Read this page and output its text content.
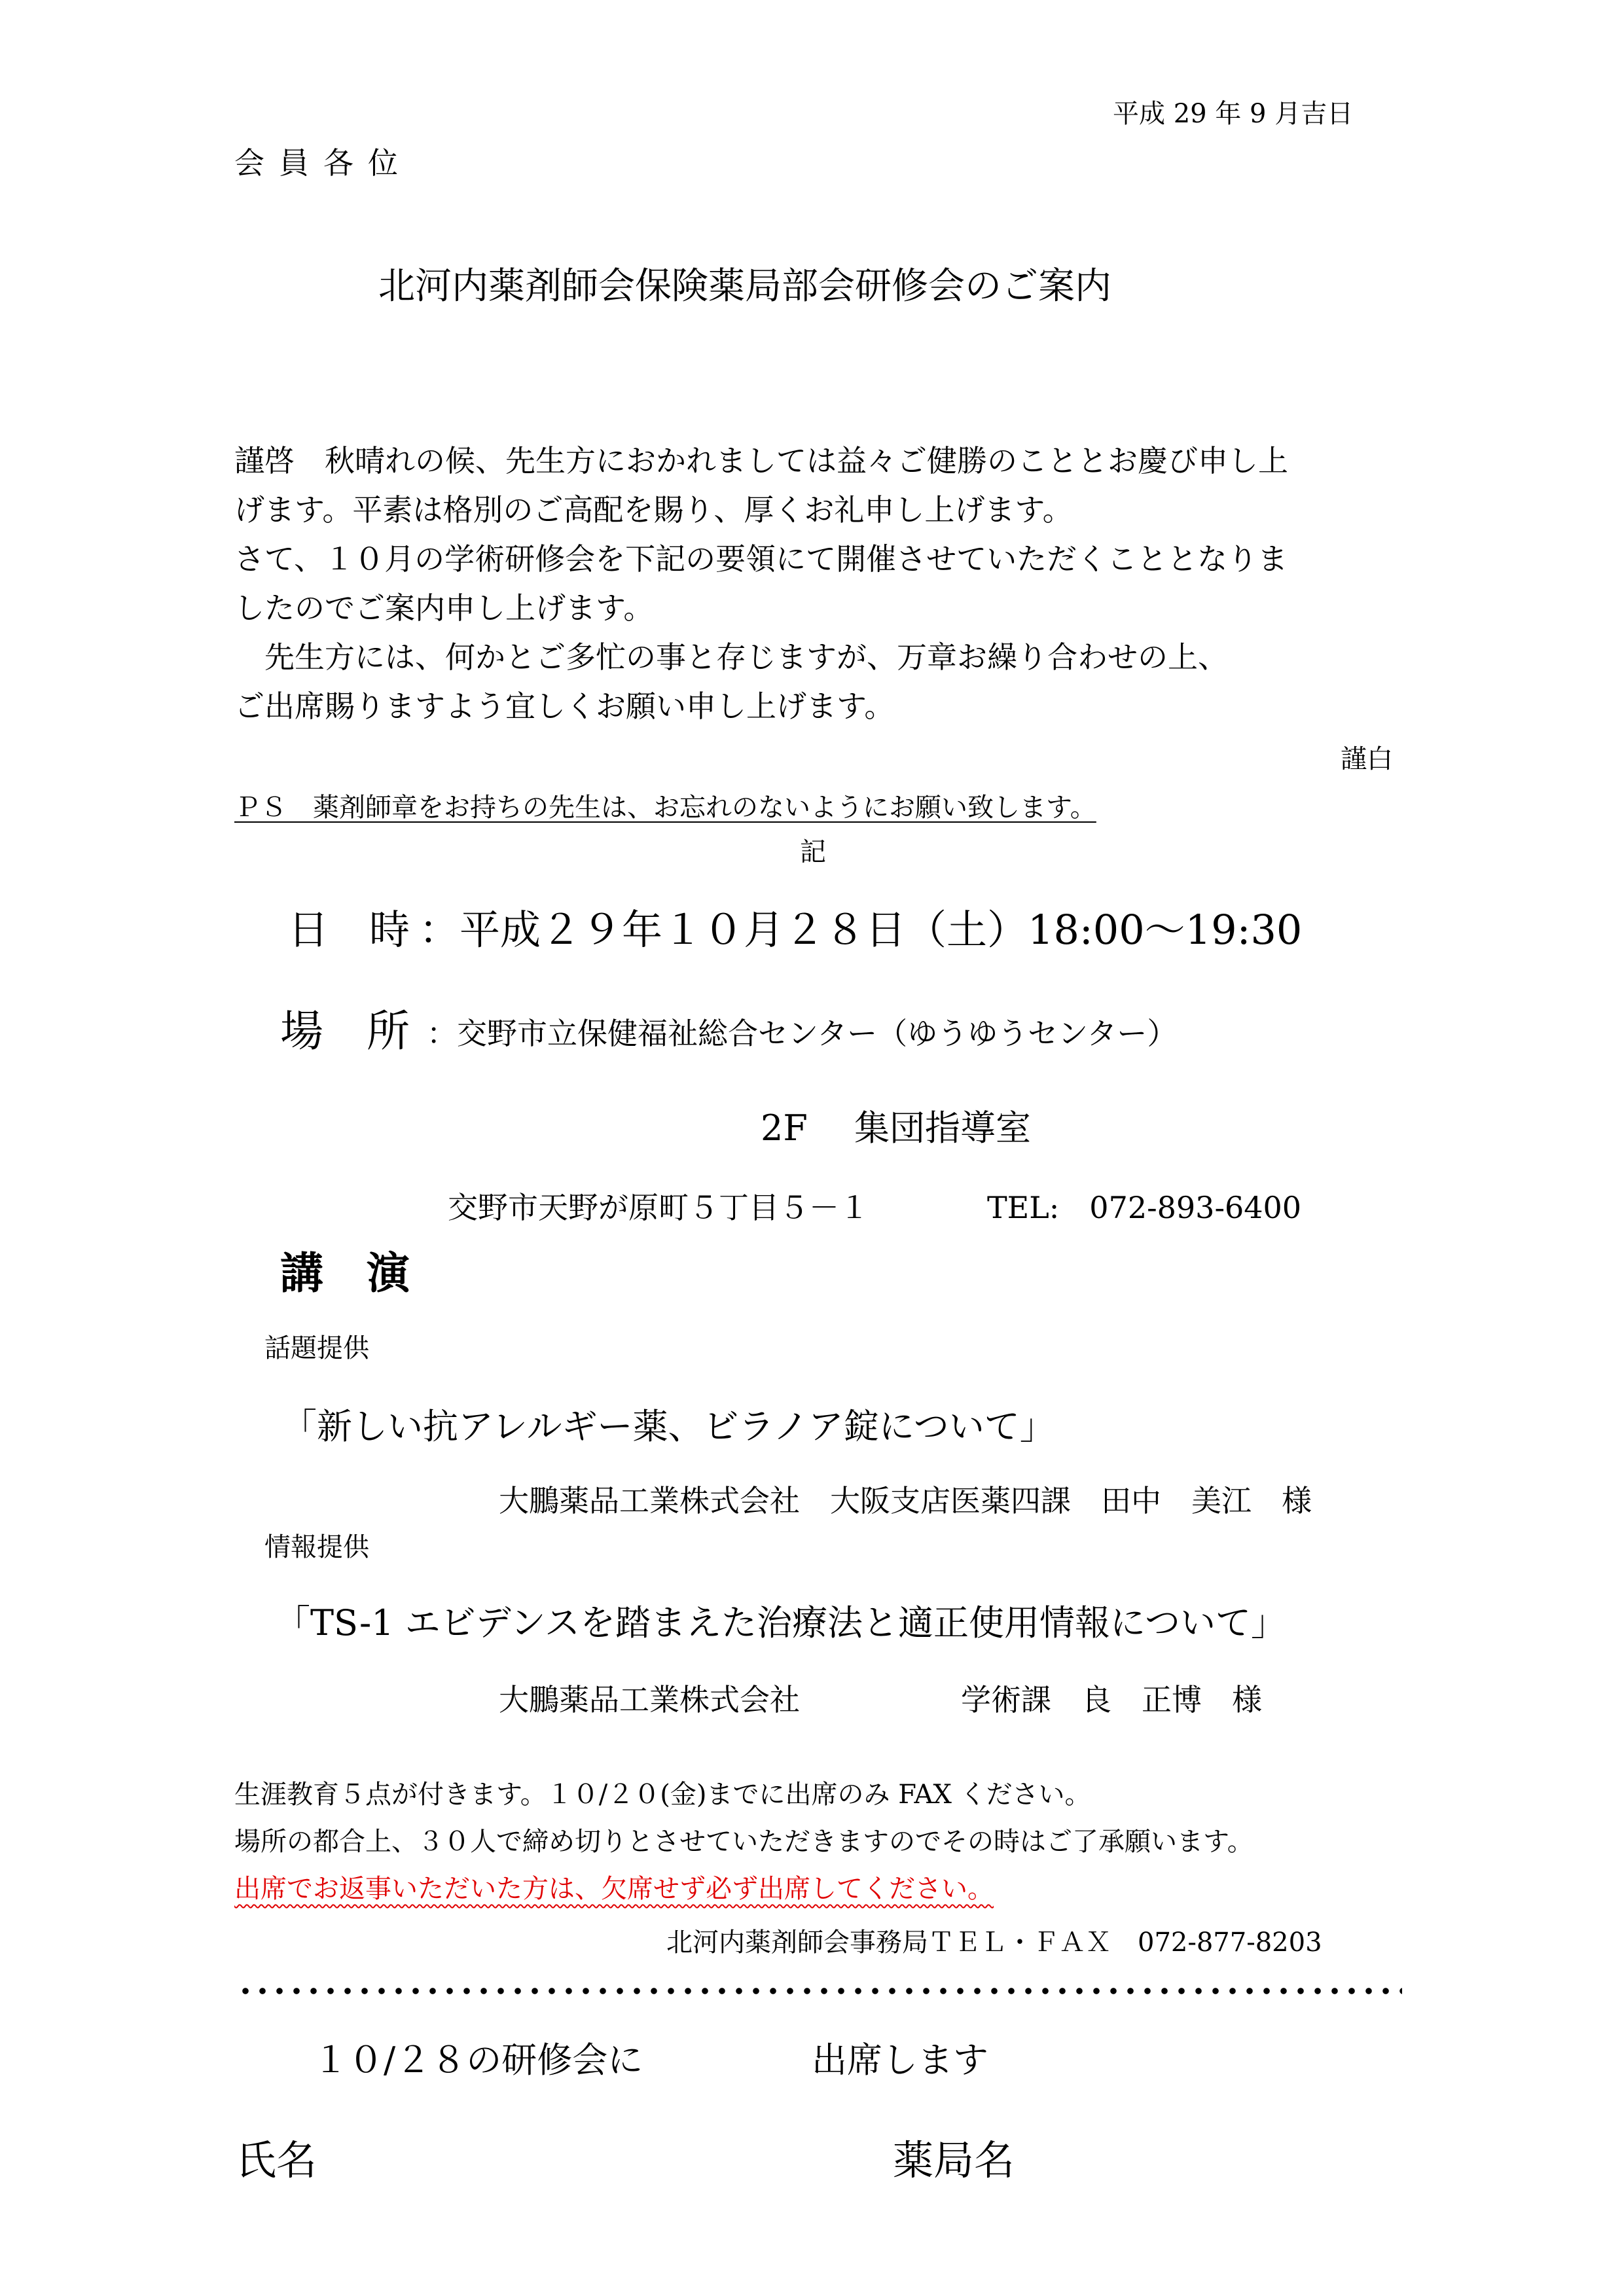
平成 29 年 9 月吉日
会員各位
北河内薬剤師会保険薬局部会研修会のご案内
謹啓　秋晴れの候、先生方におかれましては益々ご健勝のこととお慶び申し上
げます。平素は格別のご高配を賜り、厚くお礼申し上げます。
さて、１０月の学術研修会を下記の要領にて開催させていただくこととなりま
したのでご案内申し上げます。
　先生方には、何かとご多忙の事と存じますが、万章お繰り合わせの上、
ご出席賜りますよう宜しくお願い申し上げます。
謹白
ＰＳ　薬剤師章をお持ちの先生は、お忘れのないようにお願い致します。
記
日　時 ：平成２９年１０月２８日（土）18:00～19:30
場　所 ：交野市立保健福祉総合センター（ゆうゆうセンター）
2F　 集団指導室
交野市天野が原町５丁目５－１	TEL:　072-893-6400
講　演
話題提供
「新しい抗アレルギー薬、ビラノア錠について」
大鵬薬品工業株式会社　大阪支店医薬四課　田中　美江　様
情報提供
「TS-1 エビデンスを踏まえた治療法と適正使用情報について」
大鵬薬品工業株式会社	学術課　良　正博　様
生涯教育５点が付きます。１０/２０(金)までに出席のみ FAX ください。
場所の都合上、３０人で締め切りとさせていただきますのでその時はご了承願います。
出席でお返事いただいた方は、欠席せず必ず出席してください。
北河内薬剤師会事務局ＴＥＬ・ＦＡＸ　072-877-8203
１０/２８の研修会に	出席します
氏名	薬局名
